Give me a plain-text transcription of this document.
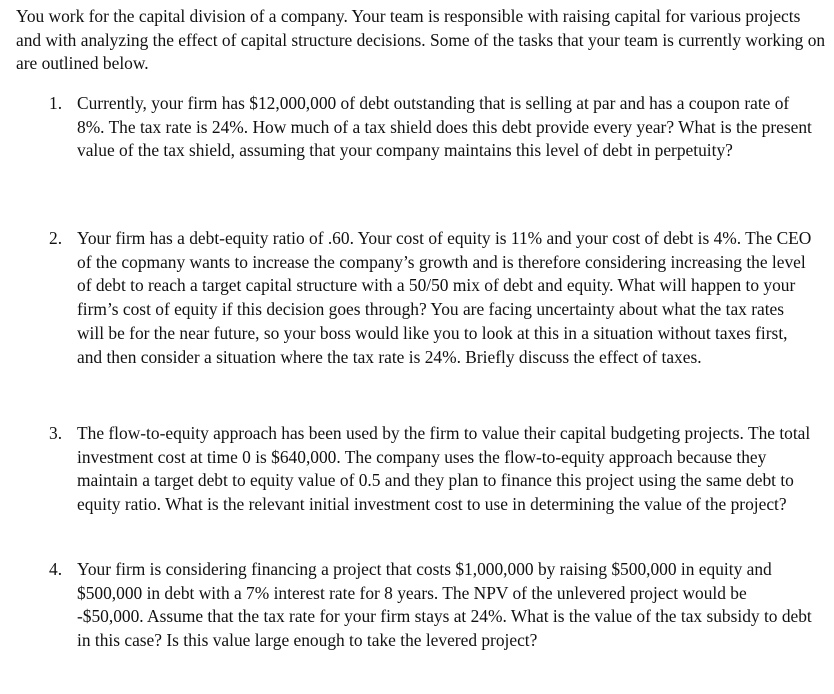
You work for the capital division of a company. Your team is responsible with raising capital for various projects and with analyzing the effect of capital structure decisions. Some of the tasks that your team is currently working on are outlined below.

1. Currently, your firm has $12,000,000 of debt outstanding that is selling at par and has a coupon rate of 8%. The tax rate is 24%. How much of a tax shield does this debt provide every year? What is the present value of the tax shield, assuming that your company maintains this level of debt in perpetuity?

2. Your firm has a debt-equity ratio of .60. Your cost of equity is 11% and your cost of debt is 4%. The CEO of the copmany wants to increase the company’s growth and is therefore considering increasing the level of debt to reach a target capital structure with a 50/50 mix of debt and equity. What will happen to your firm’s cost of equity if this decision goes through? You are facing uncertainty about what the tax rates will be for the near future, so your boss would like you to look at this in a situation without taxes first, and then consider a situation where the tax rate is 24%. Briefly discuss the effect of taxes.

3. The flow-to-equity approach has been used by the firm to value their capital budgeting projects. The total investment cost at time 0 is $640,000. The company uses the flow-to-equity approach because they maintain a target debt to equity value of 0.5 and they plan to finance this project using the same debt to equity ratio. What is the relevant initial investment cost to use in determining the value of the project?

4. Your firm is considering financing a project that costs $1,000,000 by raising $500,000 in equity and $500,000 in debt with a 7% interest rate for 8 years. The NPV of the unlevered project would be -$50,000. Assume that the tax rate for your firm stays at 24%. What is the value of the tax subsidy to debt in this case? Is this value large enough to take the levered project?
